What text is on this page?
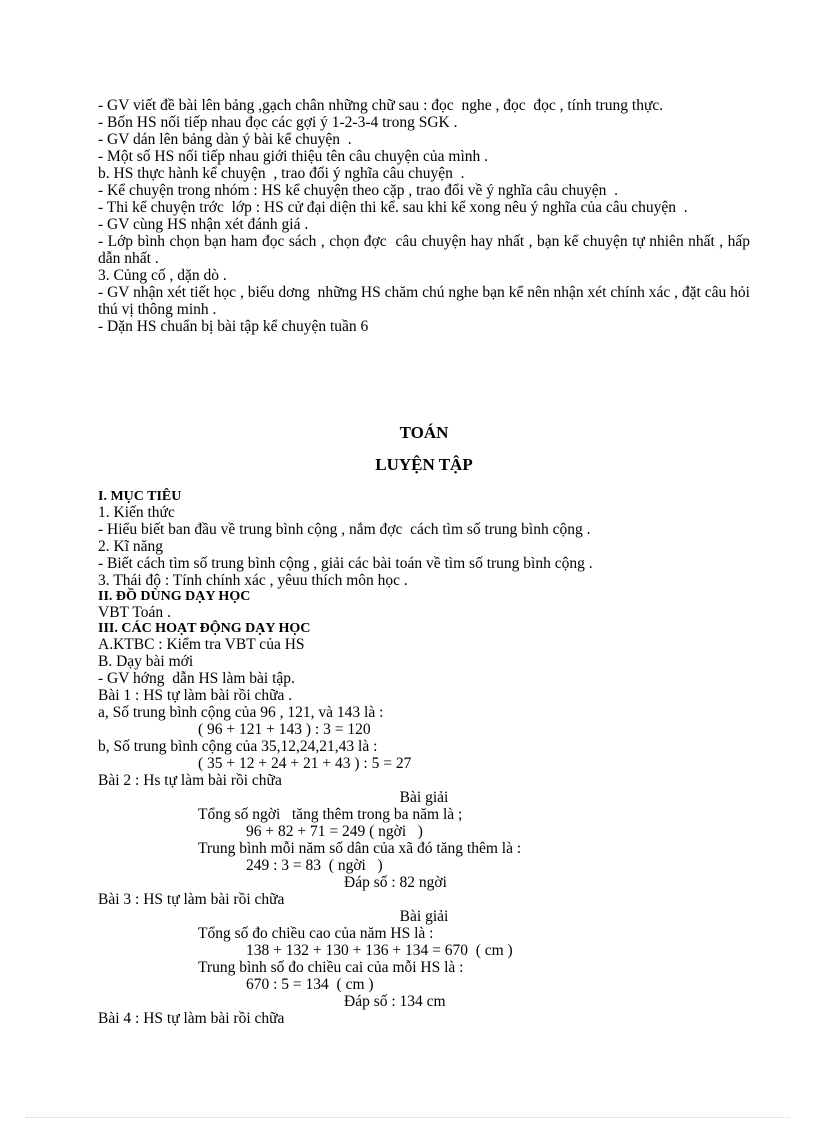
- GV viết đề bài lên bảng ,gạch chân những chữ sau : đọc  nghe , đọc  đọc , tính trung thực.

- Bốn HS nối tiếp nhau đọc các gợi ý 1-2-3-4 trong SGK .

- GV dán lên bảng dàn ý bài kể chuyện  .

- Một số HS nối tiếp nhau giới thiệu tên câu chuyện của mình .

b. HS thực hành kể chuyện  , trao đổi ý nghĩa câu chuyện  .

- Kể chuyện trong nhóm : HS kể chuyện theo cặp , trao đổi về ý nghĩa câu chuyện  .

- Thi kể chuyện trớc  lớp : HS cử đại diện thi kể. sau khi kể xong nêu ý nghĩa của câu chuyện  .

- GV cùng HS nhận xét đánh giá .

- Lớp bình chọn bạn ham đọc sách , chọn đợc  câu chuyện hay nhất , bạn kể chuyện tự nhiên nhất , hấp  dẫn nhất .

3. Củng cố , dặn dò .

- GV nhận xét tiết học , biểu dơng  những HS chăm chú nghe bạn kể nên nhận xét chính xác , đặt câu hỏi thú vị thông minh .

- Dặn HS chuẩn bị bài tập kể chuyện tuần 6

TOÁN

LUYỆN TẬP

I. MỤC TIÊU

1. Kiến thức

- Hiểu biết ban đầu về trung bình cộng , nắm đợc  cách tìm số trung bình cộng .

2. Kĩ năng

- Biết cách tìm số trung bình cộng , giải các bài toán về tìm số trung bình cộng .

3. Thái độ : Tính chính xác , yêuu thích môn học .

II. ĐỒ DÙNG DẠY HỌC

VBT Toán .

III. CÁC HOẠT ĐỘNG DẠY HỌC

A.KTBC : Kiểm tra VBT của HS

B. Dạy bài mới

- GV hớng  dẫn HS làm bài tập.

Bài 1 : HS tự làm bài rồi chữa .

a, Số trung bình cộng của 96 , 121, và 143 là :

( 96 + 121 + 143 ) : 3 = 120

b, Số trung bình cộng của 35,12,24,21,43 là :

( 35 + 12 + 24 + 21 + 43 ) : 5 = 27

Bài 2 : Hs tự làm bài rồi chữa

Bài giải

Tổng số ngời   tăng thêm trong ba năm là ;

96 + 82 + 71 = 249 ( ngời   )

Trung bình mỗi năm số dân của xã đó tăng thêm là :

249 : 3 = 83  ( ngời   )

Đáp số : 82 ngời

Bài 3 : HS tự làm bài rồi chữa

Bài giải

Tổng số đo chiều cao của năm HS là :

138 + 132 + 130 + 136 + 134 = 670  ( cm )

Trung bình số đo chiều cai của mỗi HS là :

670 : 5 = 134  ( cm )

Đáp số : 134 cm

Bài 4 : HS tự làm bài rồi chữa
